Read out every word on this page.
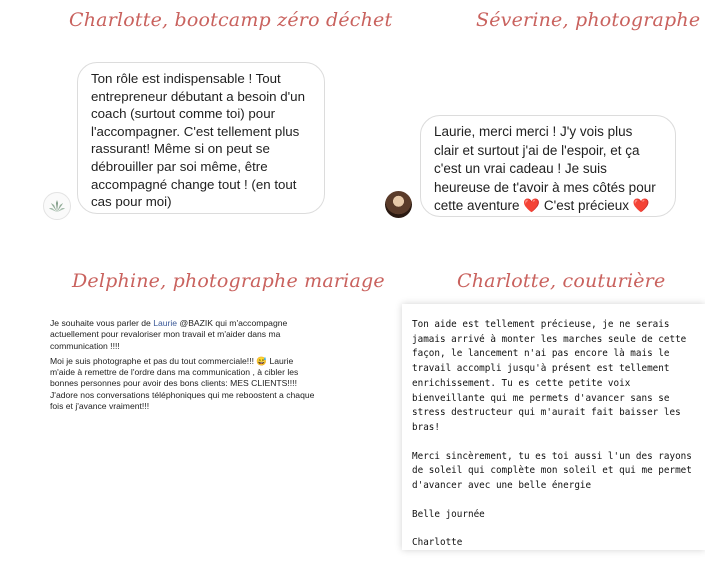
Charlotte, bootcamp zéro déchet
Ton rôle est indispensable ! Tout
entrepreneur débutant a besoin d'un
coach (surtout comme toi) pour
l'accompagner. C'est tellement plus
rassurant! Même si on peut se
débrouiller par soi même, être
accompagné change tout ! (en tout
cas pour moi)
Séverine, photographe
Laurie, merci merci ! J'y vois plus
clair et surtout j'ai de l'espoir, et ça
c'est un vrai cadeau ! Je suis
heureuse de t'avoir à mes côtés pour
cette aventure ❤️ C'est précieux ❤️
Delphine, photographe mariage

Je souhaite vous parler de Laurie @BAZIK qui m'accompagne actuellement pour revaloriser mon travail et m'aider dans ma communication !!!!

Moi je suis photographe et pas du tout commerciale!!! 😅 Laurie m'aide à remettre de l'ordre dans ma communication , à cibler les bonnes personnes pour avoir des bons clients: MES CLIENTS!!!! J'adore nos conversations téléphoniques qui me reboostent a chaque fois et j'avance vraiment!!!

Charlotte, couturière

Ton aide est tellement précieuse, je ne serais jamais arrivé à monter les marches seule de cette façon, le lancement n'ai pas encore là mais le travail accompli jusqu'à présent est tellement enrichissement. Tu es cette petite voix bienveillante qui me permets d'avancer sans se stress destructeur qui m'aurait fait baisser les bras!

Merci sincèrement, tu es toi aussi l'un des rayons de soleil qui complète mon soleil et qui me permet d'avancer avec une belle énergie

Belle journée

Charlotte
